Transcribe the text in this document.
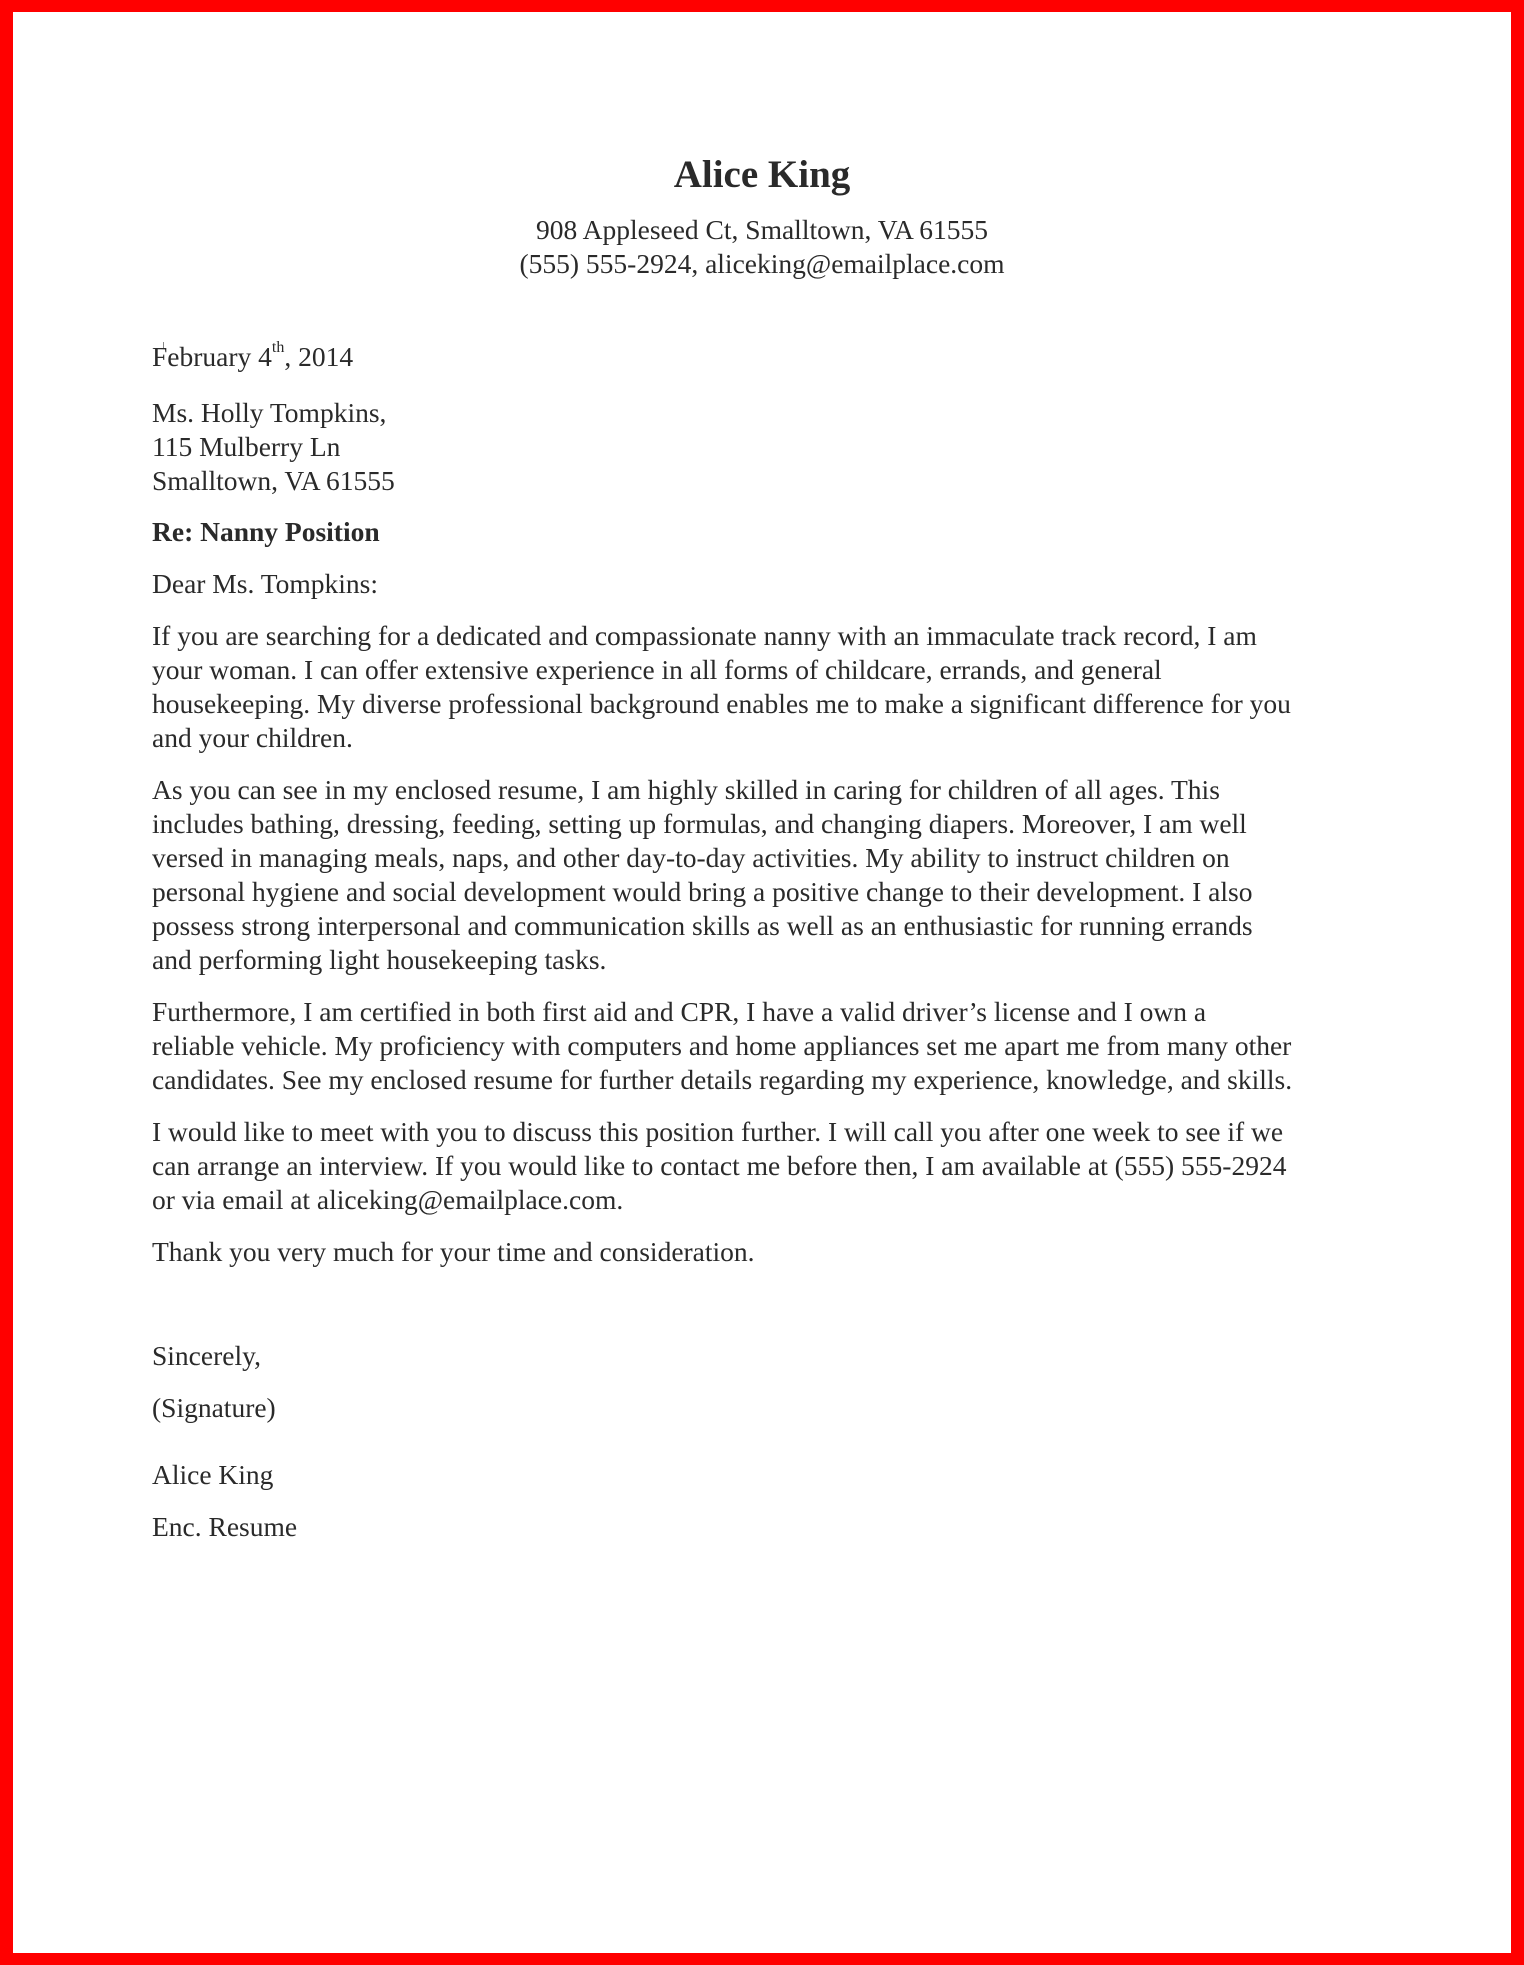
Alice King
908 Appleseed Ct, Smalltown, VA 61555
(555) 555-2924, aliceking@emailplace.com
February 4th, 2014
Ms. Holly Tompkins,
115 Mulberry Ln
Smalltown, VA 61555
Re: Nanny Position
Dear Ms. Tompkins:
If you are searching for a dedicated and compassionate nanny with an immaculate track record, I am
your woman. I can offer extensive experience in all forms of childcare, errands, and general
housekeeping. My diverse professional background enables me to make a significant difference for you
and your children.
As you can see in my enclosed resume, I am highly skilled in caring for children of all ages. This
includes bathing, dressing, feeding, setting up formulas, and changing diapers. Moreover, I am well
versed in managing meals, naps, and other day-to-day activities. My ability to instruct children on
personal hygiene and social development would bring a positive change to their development. I also
possess strong interpersonal and communication skills as well as an enthusiastic for running errands
and performing light housekeeping tasks.
Furthermore, I am certified in both first aid and CPR, I have a valid driver’s license and I own a
reliable vehicle. My proficiency with computers and home appliances set me apart me from many other
candidates. See my enclosed resume for further details regarding my experience, knowledge, and skills.
I would like to meet with you to discuss this position further. I will call you after one week to see if we
can arrange an interview. If you would like to contact me before then, I am available at (555) 555-2924
or via email at aliceking@emailplace.com.
Thank you very much for your time and consideration.
Sincerely,
(Signature)
Alice King
Enc. Resume
